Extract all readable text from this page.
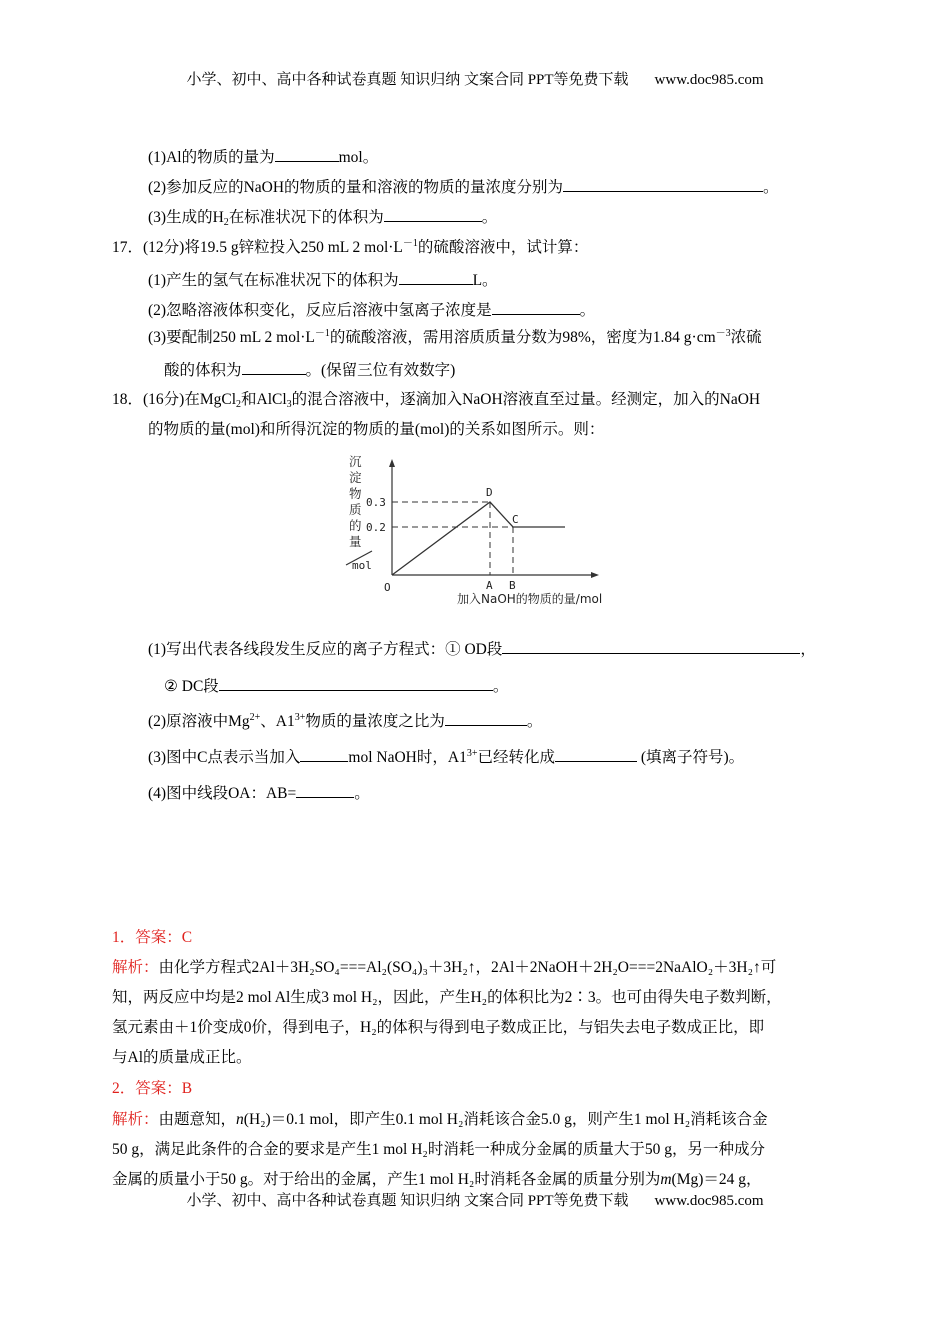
小学、初中、高中各种试卷真题 知识归纳 文案合同 PPT等免费下载 www.doc985.com
(1)Al的物质的量为	mol。
(2)参加反应的NaOH的物质的量和溶液的物质的量浓度分别为	。
(3)生成的$H_2$在标准状况下的体积为	。
17．(12分)将19.5 g锌粒投入250 mL 2 $mol\cdot L^{-1}$的硫酸溶液中，试计算：
(1)产生的氢气在标准状况下的体积为	L。
(2)忽略溶液体积变化，反应后溶液中氢离子浓度是	。
(3)要配制250 mL 2 $mol\cdot L^{-1}$的硫酸溶液，需用溶质质量分数为98%，密度为1.84 $g\cdot cm^{-3}$浓硫
酸的体积为	。(保留三位有效数字)
18．(16分)在MgCl$_2$和AlCl$_3$的混合溶液中，逐滴加入NaOH溶液直至过量。经测定，加入的NaOH
的物质的量(mol)和所得沉淀的物质的量(mol)的关系如图所示。则：
沉
淀
物
质
的
量
mol
0.3
0.2
O	A B
D
C
加入NaOH的物质的量/mol
(1)写出代表各线段发生反应的离子方程式：① OD段	，
② DC段	。
(2)原溶液中$Mg^{2+}$、$A1^{3+}$物质的量浓度之比为	。
(3)图中C点表示当加入	mol NaOH时，$A1^{3+}$已经转化成	(填离子符号)。
(4)图中线段OA：AB=	。
1．答案：C
解析：由化学方程式2Al＋3H₂SO₄===Al₂(SO₄)₃＋3H₂↑，2Al＋2NaOH＋2H₂O===2NaAlO₂＋3H₂↑可
知，两反应中均是2 mol Al生成3 mol H₂，因此，产生H₂的体积比为2∶3。也可由得失电子数判断，
氢元素由＋1价变成0价，得到电子，H₂的体积与得到电子数成正比，与铝失去电子数成正比，即
与Al的质量成正比。
2．答案：B
解析：由题意知，n(H₂)＝0.1 mol，即产生0.1 mol H₂消耗该合金5.0 g，则产生1 mol H₂消耗该合金
50 g，满足此条件的合金的要求是产生1 mol H₂时消耗一种成分金属的质量大于50 g，另一种成分
金属的质量小于50 g。对于给出的金属，产生1 mol H₂时消耗各金属的质量分别为m(Mg)＝24 g，
小学、初中、高中各种试卷真题 知识归纳 文案合同 PPT等免费下载 www.doc985.com
